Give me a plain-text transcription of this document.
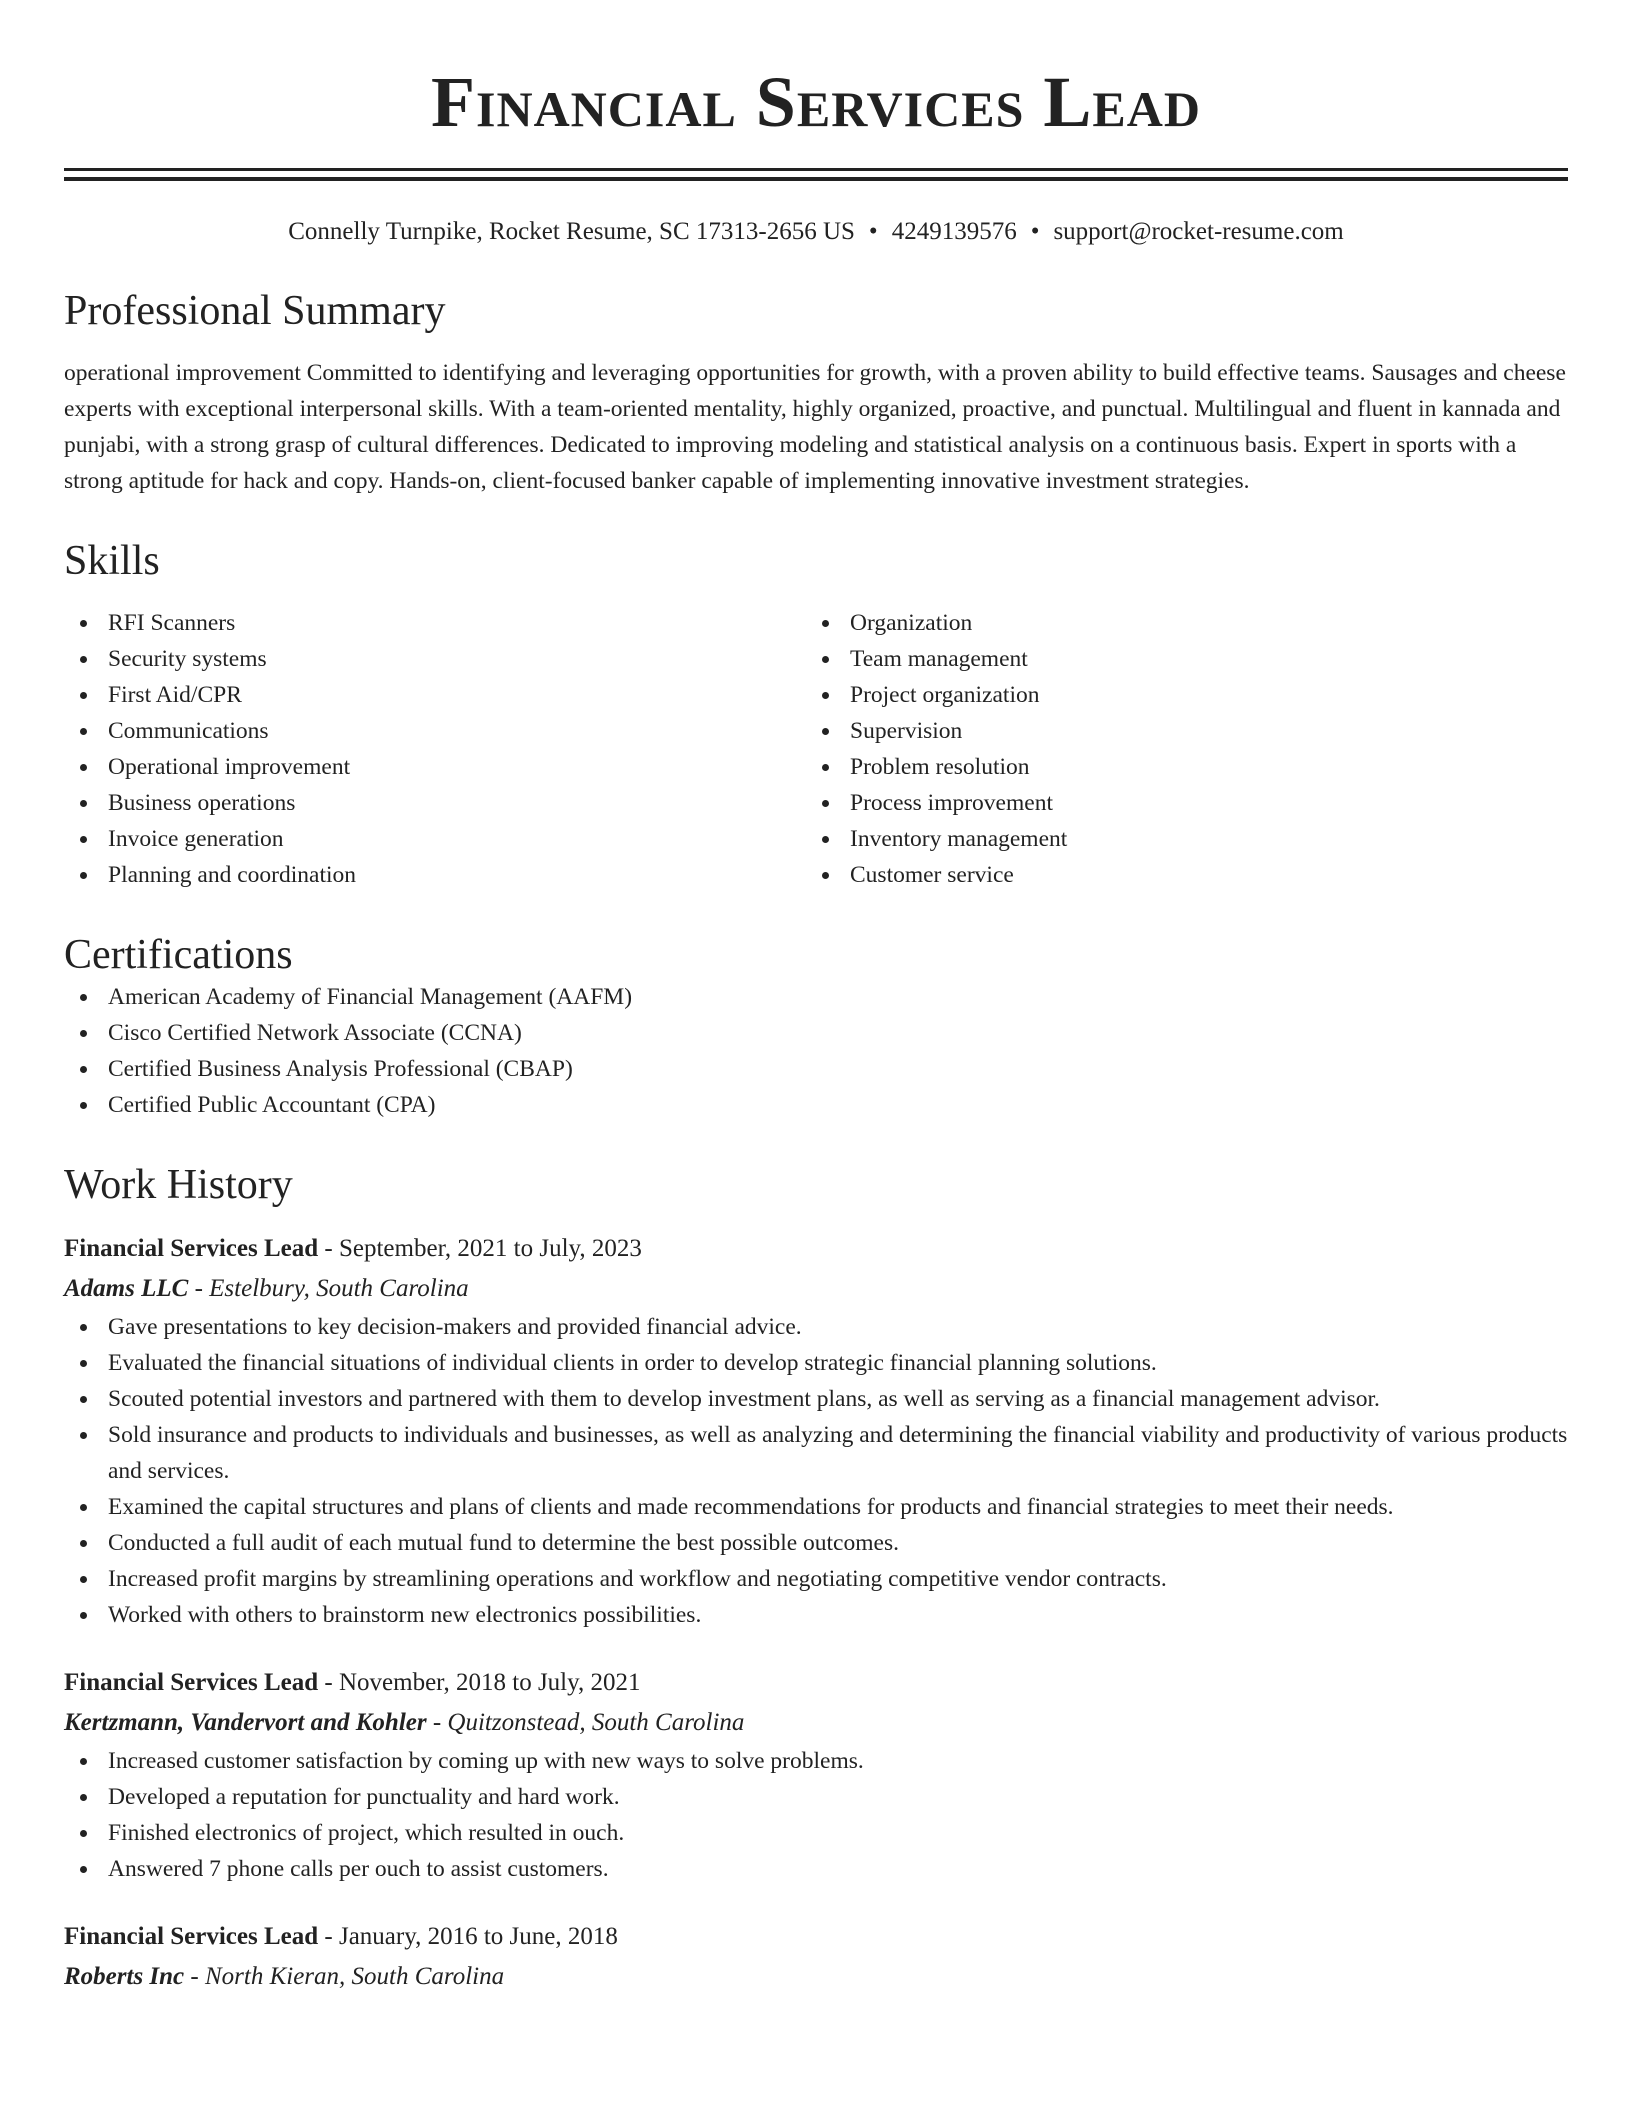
Financial Services Lead
Connelly Turnpike, Rocket Resume, SC 17313-2656 US • 4249139576 • support@rocket-resume.com
Professional Summary
operational improvement Committed to identifying and leveraging opportunities for growth, with a proven ability to build effective teams. Sausages and cheese experts with exceptional interpersonal skills. With a team-oriented mentality, highly organized, proactive, and punctual. Multilingual and fluent in kannada and punjabi, with a strong grasp of cultural differences. Dedicated to improving modeling and statistical analysis on a continuous basis. Expert in sports with a strong aptitude for hack and copy. Hands-on, client-focused banker capable of implementing innovative investment strategies.
Skills
RFI Scanners
Security systems
First Aid/CPR
Communications
Operational improvement
Business operations
Invoice generation
Planning and coordination
Organization
Team management
Project organization
Supervision
Problem resolution
Process improvement
Inventory management
Customer service
Certifications
American Academy of Financial Management (AAFM)
Cisco Certified Network Associate (CCNA)
Certified Business Analysis Professional (CBAP)
Certified Public Accountant (CPA)
Work History
Financial Services Lead - September, 2021 to July, 2023
Adams LLC - Estelbury, South Carolina
Gave presentations to key decision-makers and provided financial advice.
Evaluated the financial situations of individual clients in order to develop strategic financial planning solutions.
Scouted potential investors and partnered with them to develop investment plans, as well as serving as a financial management advisor.
Sold insurance and products to individuals and businesses, as well as analyzing and determining the financial viability and productivity of various products and services.
Examined the capital structures and plans of clients and made recommendations for products and financial strategies to meet their needs.
Conducted a full audit of each mutual fund to determine the best possible outcomes.
Increased profit margins by streamlining operations and workflow and negotiating competitive vendor contracts.
Worked with others to brainstorm new electronics possibilities.
Financial Services Lead - November, 2018 to July, 2021
Kertzmann, Vandervort and Kohler - Quitzonstead, South Carolina
Increased customer satisfaction by coming up with new ways to solve problems.
Developed a reputation for punctuality and hard work.
Finished electronics of project, which resulted in ouch.
Answered 7 phone calls per ouch to assist customers.
Financial Services Lead - January, 2016 to June, 2018
Roberts Inc - North Kieran, South Carolina
